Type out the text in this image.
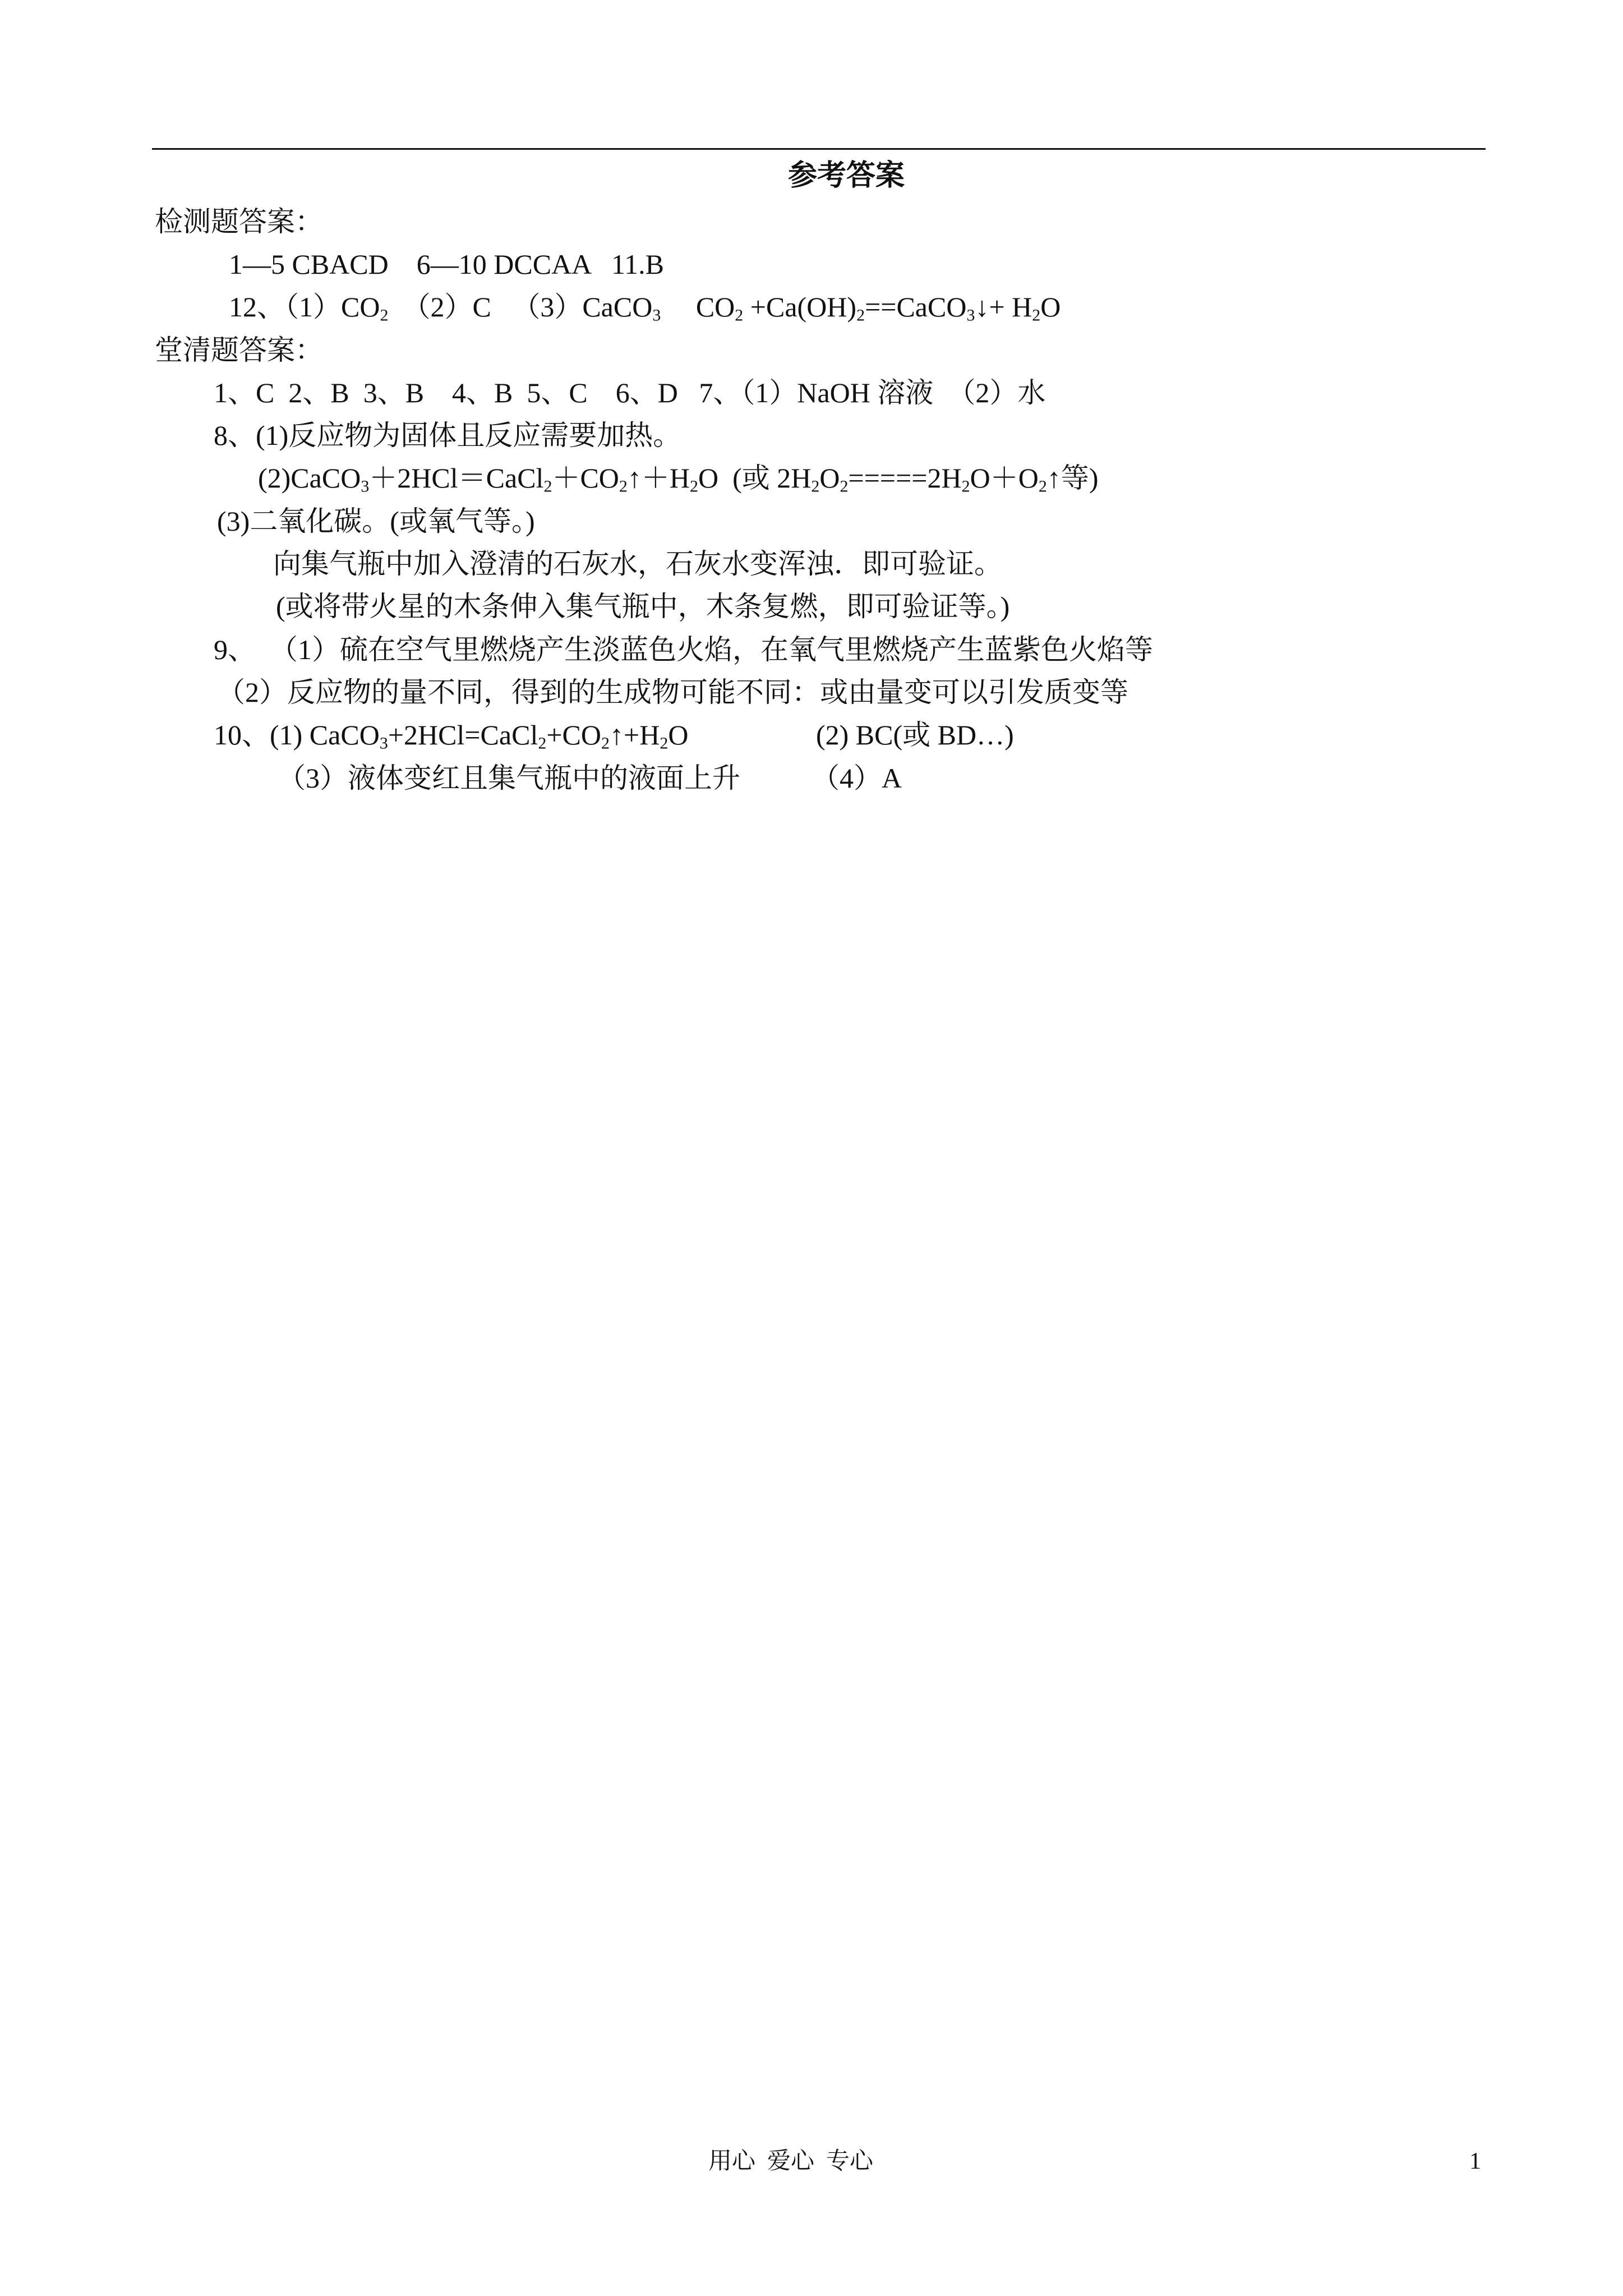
参考答案
检测题答案：
1—5 CBACD    6—10 DCCAA   11.B
12、$(1)CO_2$  （2）C   （3）CaCO$_3$     $CO_2$ $+Ca(OH)_2==CaCO_3↓+ H_2O$
堂清题答案：
1、C  2、B  3、B    4、B  5、C    6、D   7、（1）NaOH 溶液  （2）水
8、(1)反应物为固体且反应需要加热。
$(2)CaCO_3+2HCl=CaCl_2+CO_2↑+H_2O$  (或 $2H_2O_2=====2H_2O+O_2↑$等)
(3)二氧化碳。(或氧气等。)
向集气瓶中加入澄清的石灰水，石灰水变浑浊．即可验证。
(或将带火星的木条伸入集气瓶中，木条复燃，即可验证等。)
9、  （1）硫在空气里燃烧产生淡蓝色火焰，在氧气里燃烧产生蓝紫色火焰等
（2）反应物的量不同，得到的生成物可能不同：或由量变可以引发质变等
10、(1) $CaCO_3+2HCl=CaCl_2+CO_2↑+H_2O$	(2) BC(或 BD…)
（3）液体变红且集气瓶中的液面上升	（4）A
用心  爱心  专心	1
